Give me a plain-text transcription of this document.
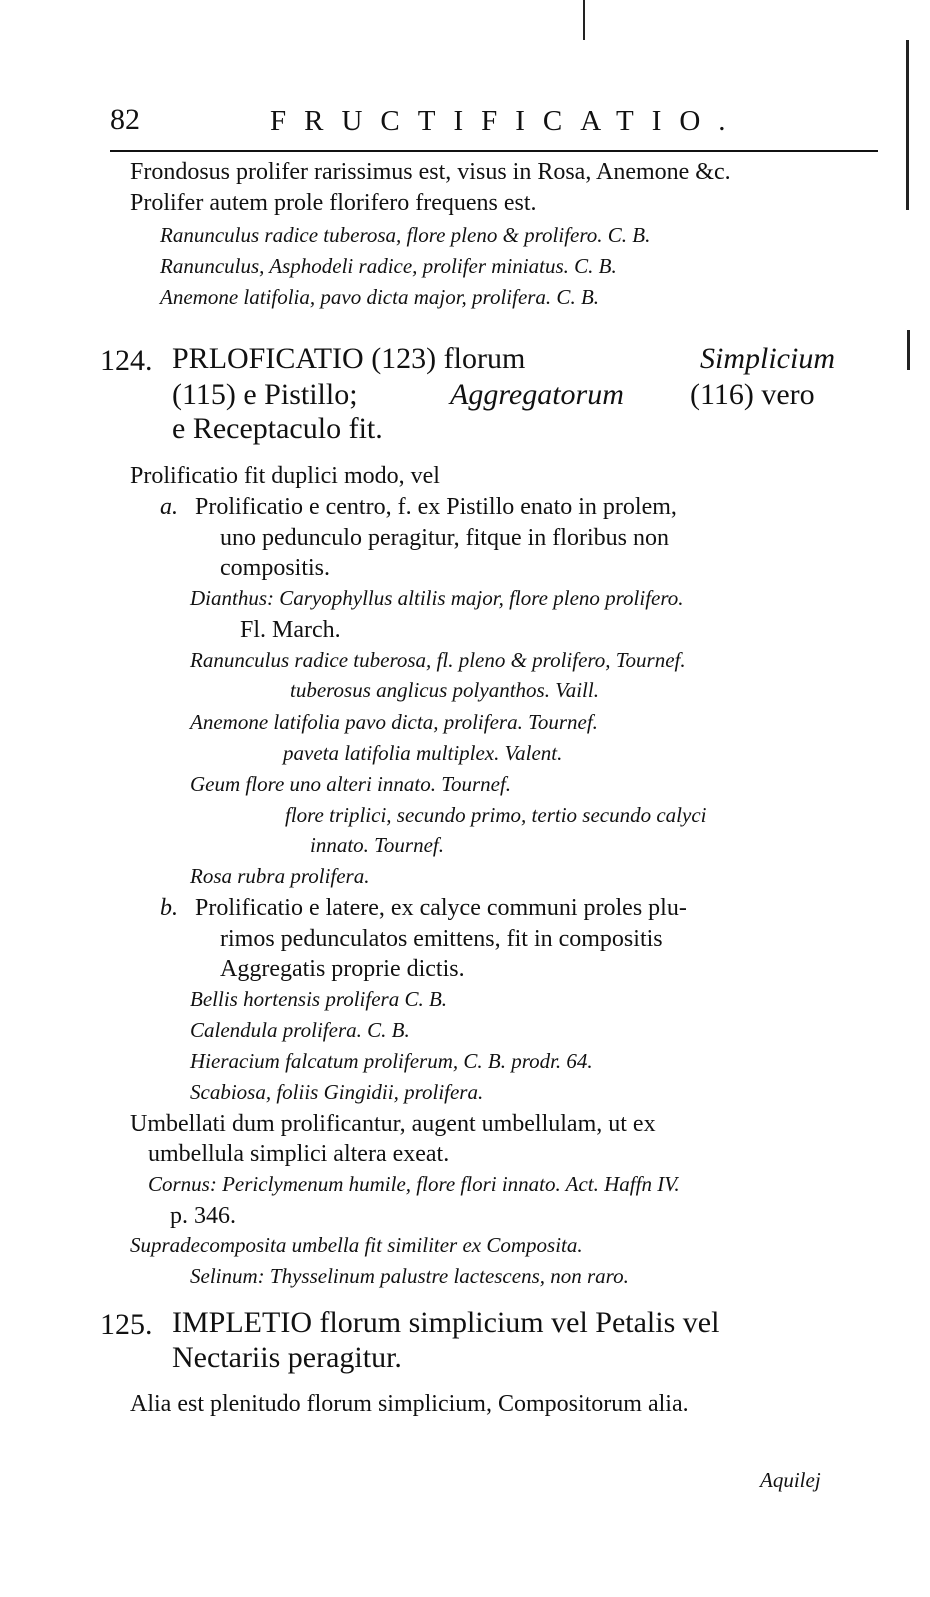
82	FRUCTIFICATIO.
Frondosus prolifer rarissimus est, visus in Rosa, Anemone &c.
Prolifer autem prole florifero frequens est.
Ranunculus radice tuberosa, flore pleno & prolifero. C. B.
Ranunculus, Asphodeli radice, prolifer miniatus. C. B.
Anemone latifolia, pavo dicta major, prolifera. C. B.
124. PRLOFICATIO (123) florum	Simplicium
(115) e Pistillo;	Aggregatorum (116) vero
e Receptaculo fit.
Prolificatio fit duplici modo, vel
a. Prolificatio e centro, f. ex Pistillo enato in prolem,
uno pedunculo peragitur, fitque in floribus non
compositis.
Dianthus: Caryophyllus altilis major, flore pleno prolifero.
Fl. March.
Ranunculus radice tuberosa, fl. pleno & prolifero, Tournef.
tuberosus anglicus polyanthos. Vaill.
Anemone latifolia pavo dicta, prolifera. Tournef.
paveta latifolia multiplex. Valent.
Geum flore uno alteri innato. Tournef.
flore triplici, secundo primo, tertio secundo calyci
innato. Tournef.
Rosa rubra prolifera.
b. Prolificatio e latere, ex calyce communi proles plu-
rimos pedunculatos emittens, fit in compositis
Aggregatis proprie dictis.
Bellis hortensis prolifera C. B.
Calendula prolifera. C. B.
Hieracium falcatum proliferum, C. B. prodr. 64.
Scabiosa, foliis Gingidii, prolifera.
Umbellati dum prolificantur, augent umbellulam, ut ex
umbellula simplici altera exeat.
Cornus: Periclymenum humile, flore flori innato. Act. Haffn IV.
p. 346.
Supradecomposita umbella fit similiter ex Composita.
Selinum: Thysselinum palustre lactescens, non raro.
125. IMPLETIO florum simplicium vel Petalis vel
Nectariis peragitur.
Alia est plenitudo florum simplicium, Compositorum alia.
Aquilej
